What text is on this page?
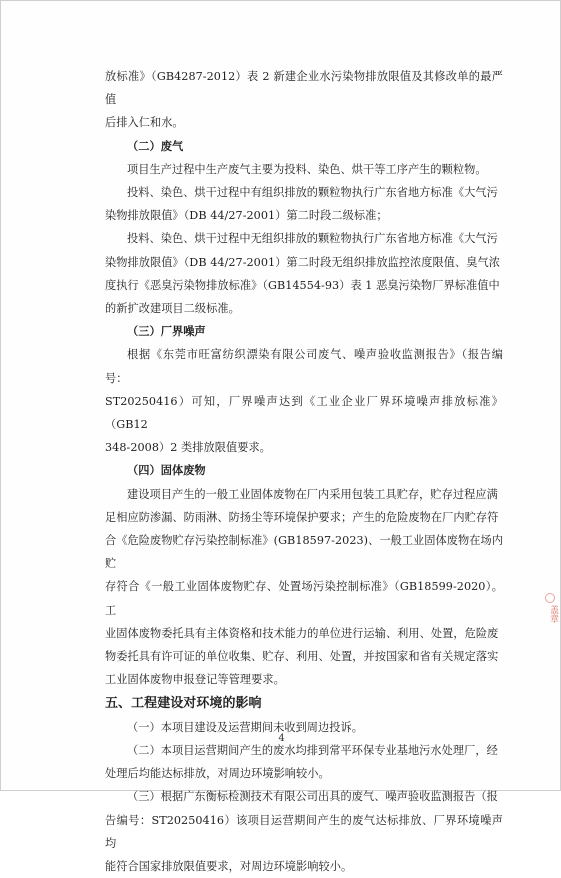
放标准》（GB4287-2012）表 2 新建企业水污染物排放限值及其修改单的最严值

后排入仁和水。

（二）废气

项目生产过程中生产废气主要为投料、染色、烘干等工序产生的颗粒物。

投料、染色、烘干过程中有组织排放的颗粒物执行广东省地方标准《大气污

染物排放限值》（DB 44/27-2001）第二时段二级标准；

投料、染色、烘干过程中无组织排放的颗粒物执行广东省地方标准《大气污

染物排放限值》（DB 44/27-2001）第二时段无组织排放监控浓度限值、臭气浓

度执行《恶臭污染物排放标准》（GB14554-93）表 1 恶臭污染物厂界标准值中

的新扩改建项目二级标准。

（三）厂界噪声

根据《东莞市旺富纺织漂染有限公司废气、噪声验收监测报告》（报告编号：

ST20250416）可知，厂界噪声达到《工业企业厂界环境噪声排放标准》（GB12

348-2008）2 类排放限值要求。

（四）固体废物

建设项目产生的一般工业固体废物在厂内采用包装工具贮存，贮存过程应满

足相应防渗漏、防雨淋、防扬尘等环境保护要求；产生的危险废物在厂内贮存符

合《危险废物贮存污染控制标准》(GB18597-2023)、一般工业固体废物在场内贮

存符合《一般工业固体废物贮存、处置场污染控制标准》（GB18599-2020）。工

业固体废物委托具有主体资格和技术能力的单位进行运输、利用、处置，危险废

物委托具有许可证的单位收集、贮存、利用、处置，并按国家和省有关规定落实

工业固体废物申报登记等管理要求。

五、工程建设对环境的影响

（一）本项目建设及运营期间未收到周边投诉。

（二）本项目运营期间产生的废水均排到常平环保专业基地污水处理厂，经

处理后均能达标排放，对周边环境影响较小。

（三）根据广东衡标检测技术有限公司出具的废气、噪声验收监测报告（报

告编号：ST20250416）该项目运营期间产生的废气达标排放、厂界环境噪声均

能符合国家排放限值要求，对周边环境影响较小。

4
盖章
